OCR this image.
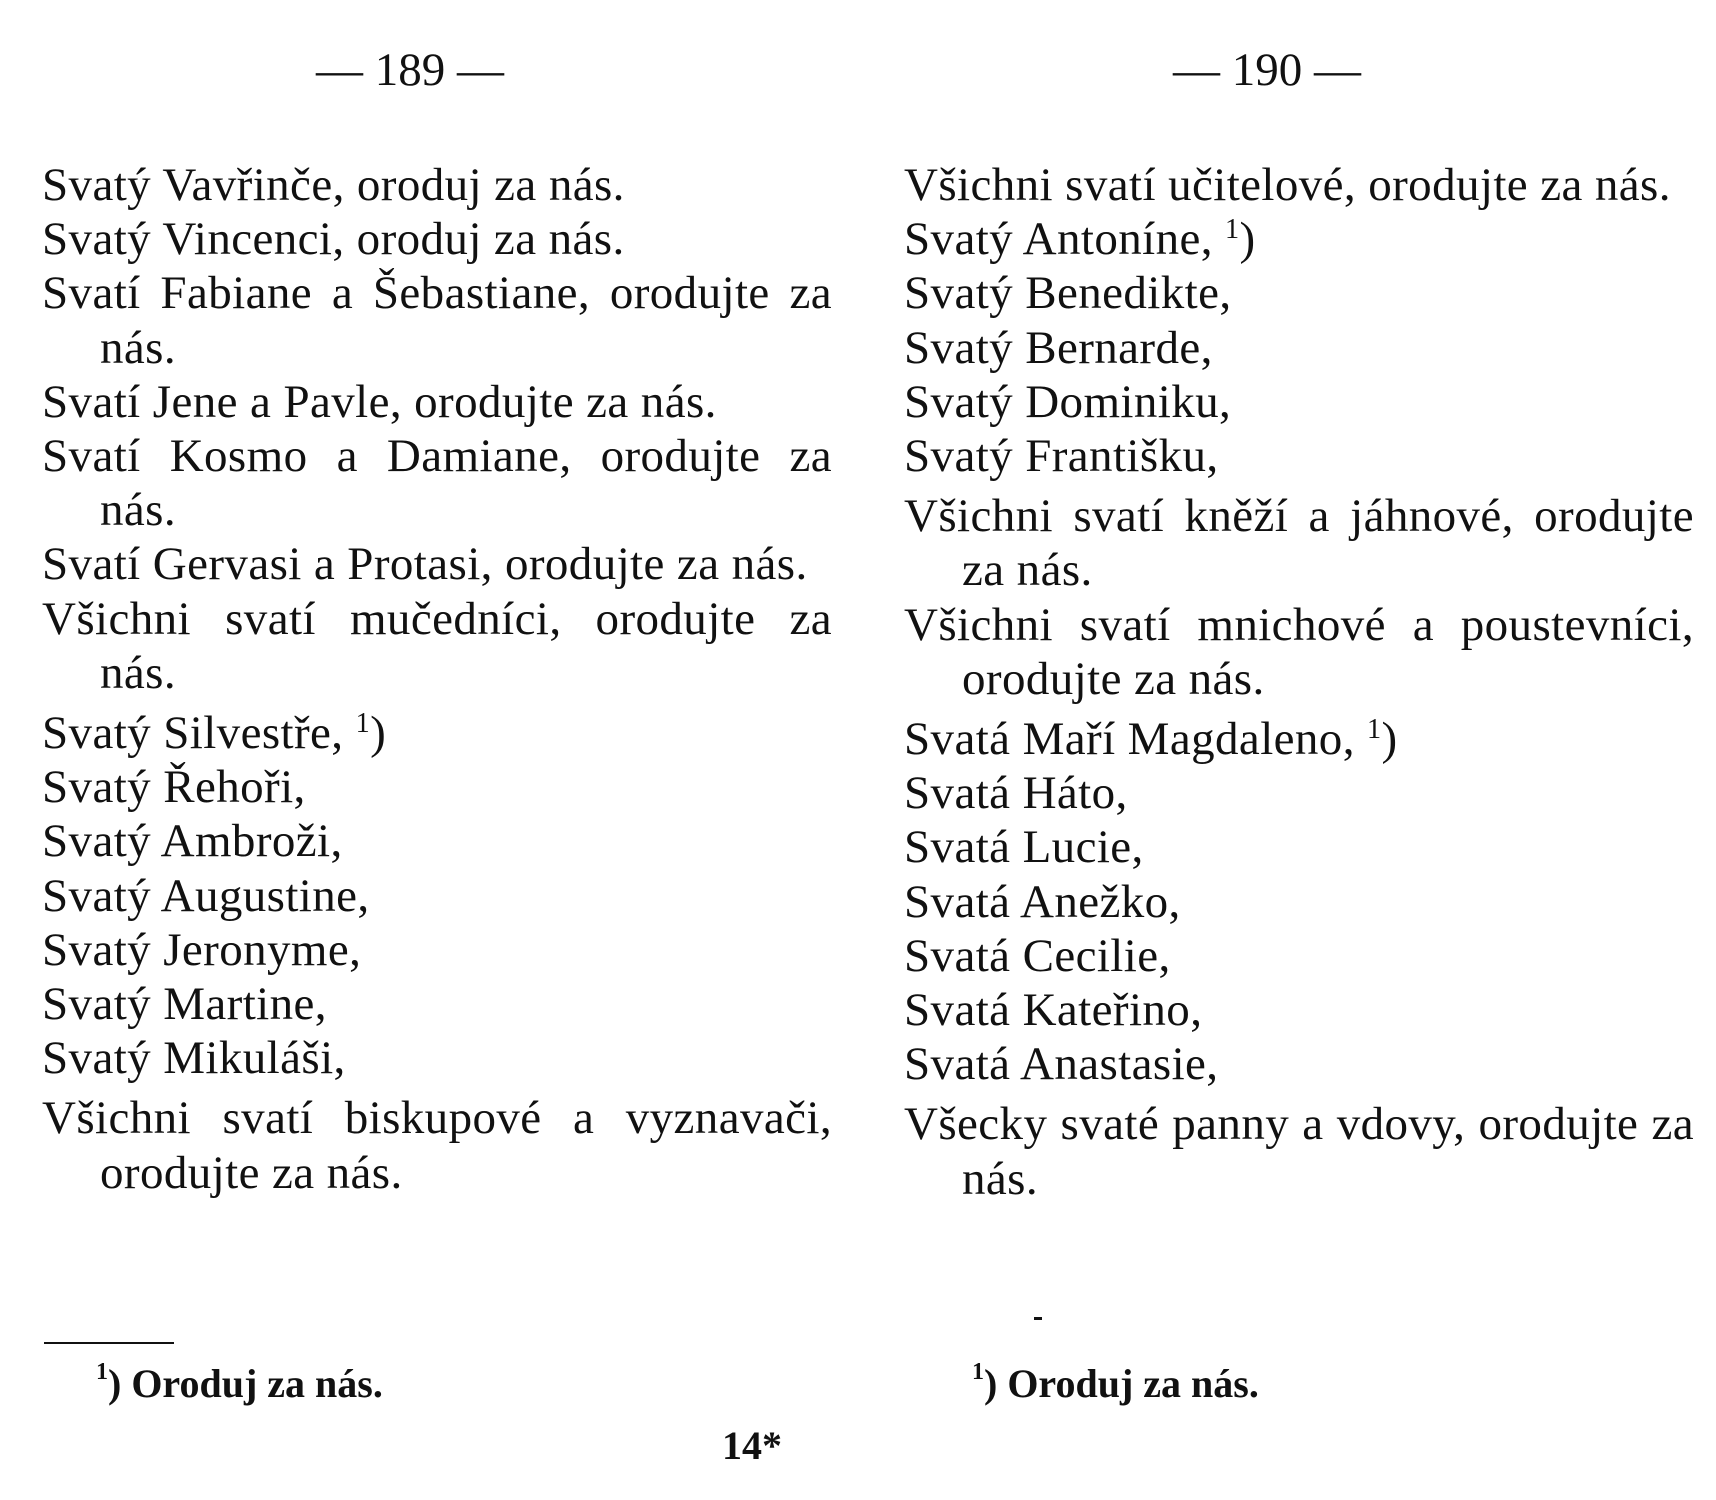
— 189 —	— 190 —

Svatý Vavřinče, oroduj za nás.

Svatý Vincenci, oroduj za nás.

Svatí Fabiane a Šebastiane, orodujte za nás.

Svatí Jene a Pavle, orodujte za nás.

Svatí Kosmo a Damiane, orodujte za nás.

Svatí Gervasi a Protasi, orodujte za nás.

Všichni svatí mučedníci, orodujte za nás.

Svatý Silvestře, $^1$)

Svatý Řehoři,

Svatý Ambroži,

Svatý Augustine,

Svatý Jeronyme,

Svatý Martine,

Svatý Mikuláši,

Všichni svatí biskupové a vyznavači, orodujte za nás.

Všichni svatí učitelové, orodujte za nás.

Svatý Antoníne, $^1$)

Svatý Benedikte,

Svatý Bernarde,

Svatý Dominiku,

Svatý Františku,

Všichni svatí kněží a jáhnové, orodujte za nás.

Všichni svatí mnichové a poustevníci, orodujte za nás.

Svatá Maří Magdaleno, $^1$)

Svatá Háto,

Svatá Lucie,

Svatá Anežko,

Svatá Cecilie,

Svatá Kateřino,

Svatá Anastasie,

Všecky svaté panny a vdovy, orodujte za nás.

$^1$) Oroduj za nás.	$^1$) Oroduj za nás.
14*
